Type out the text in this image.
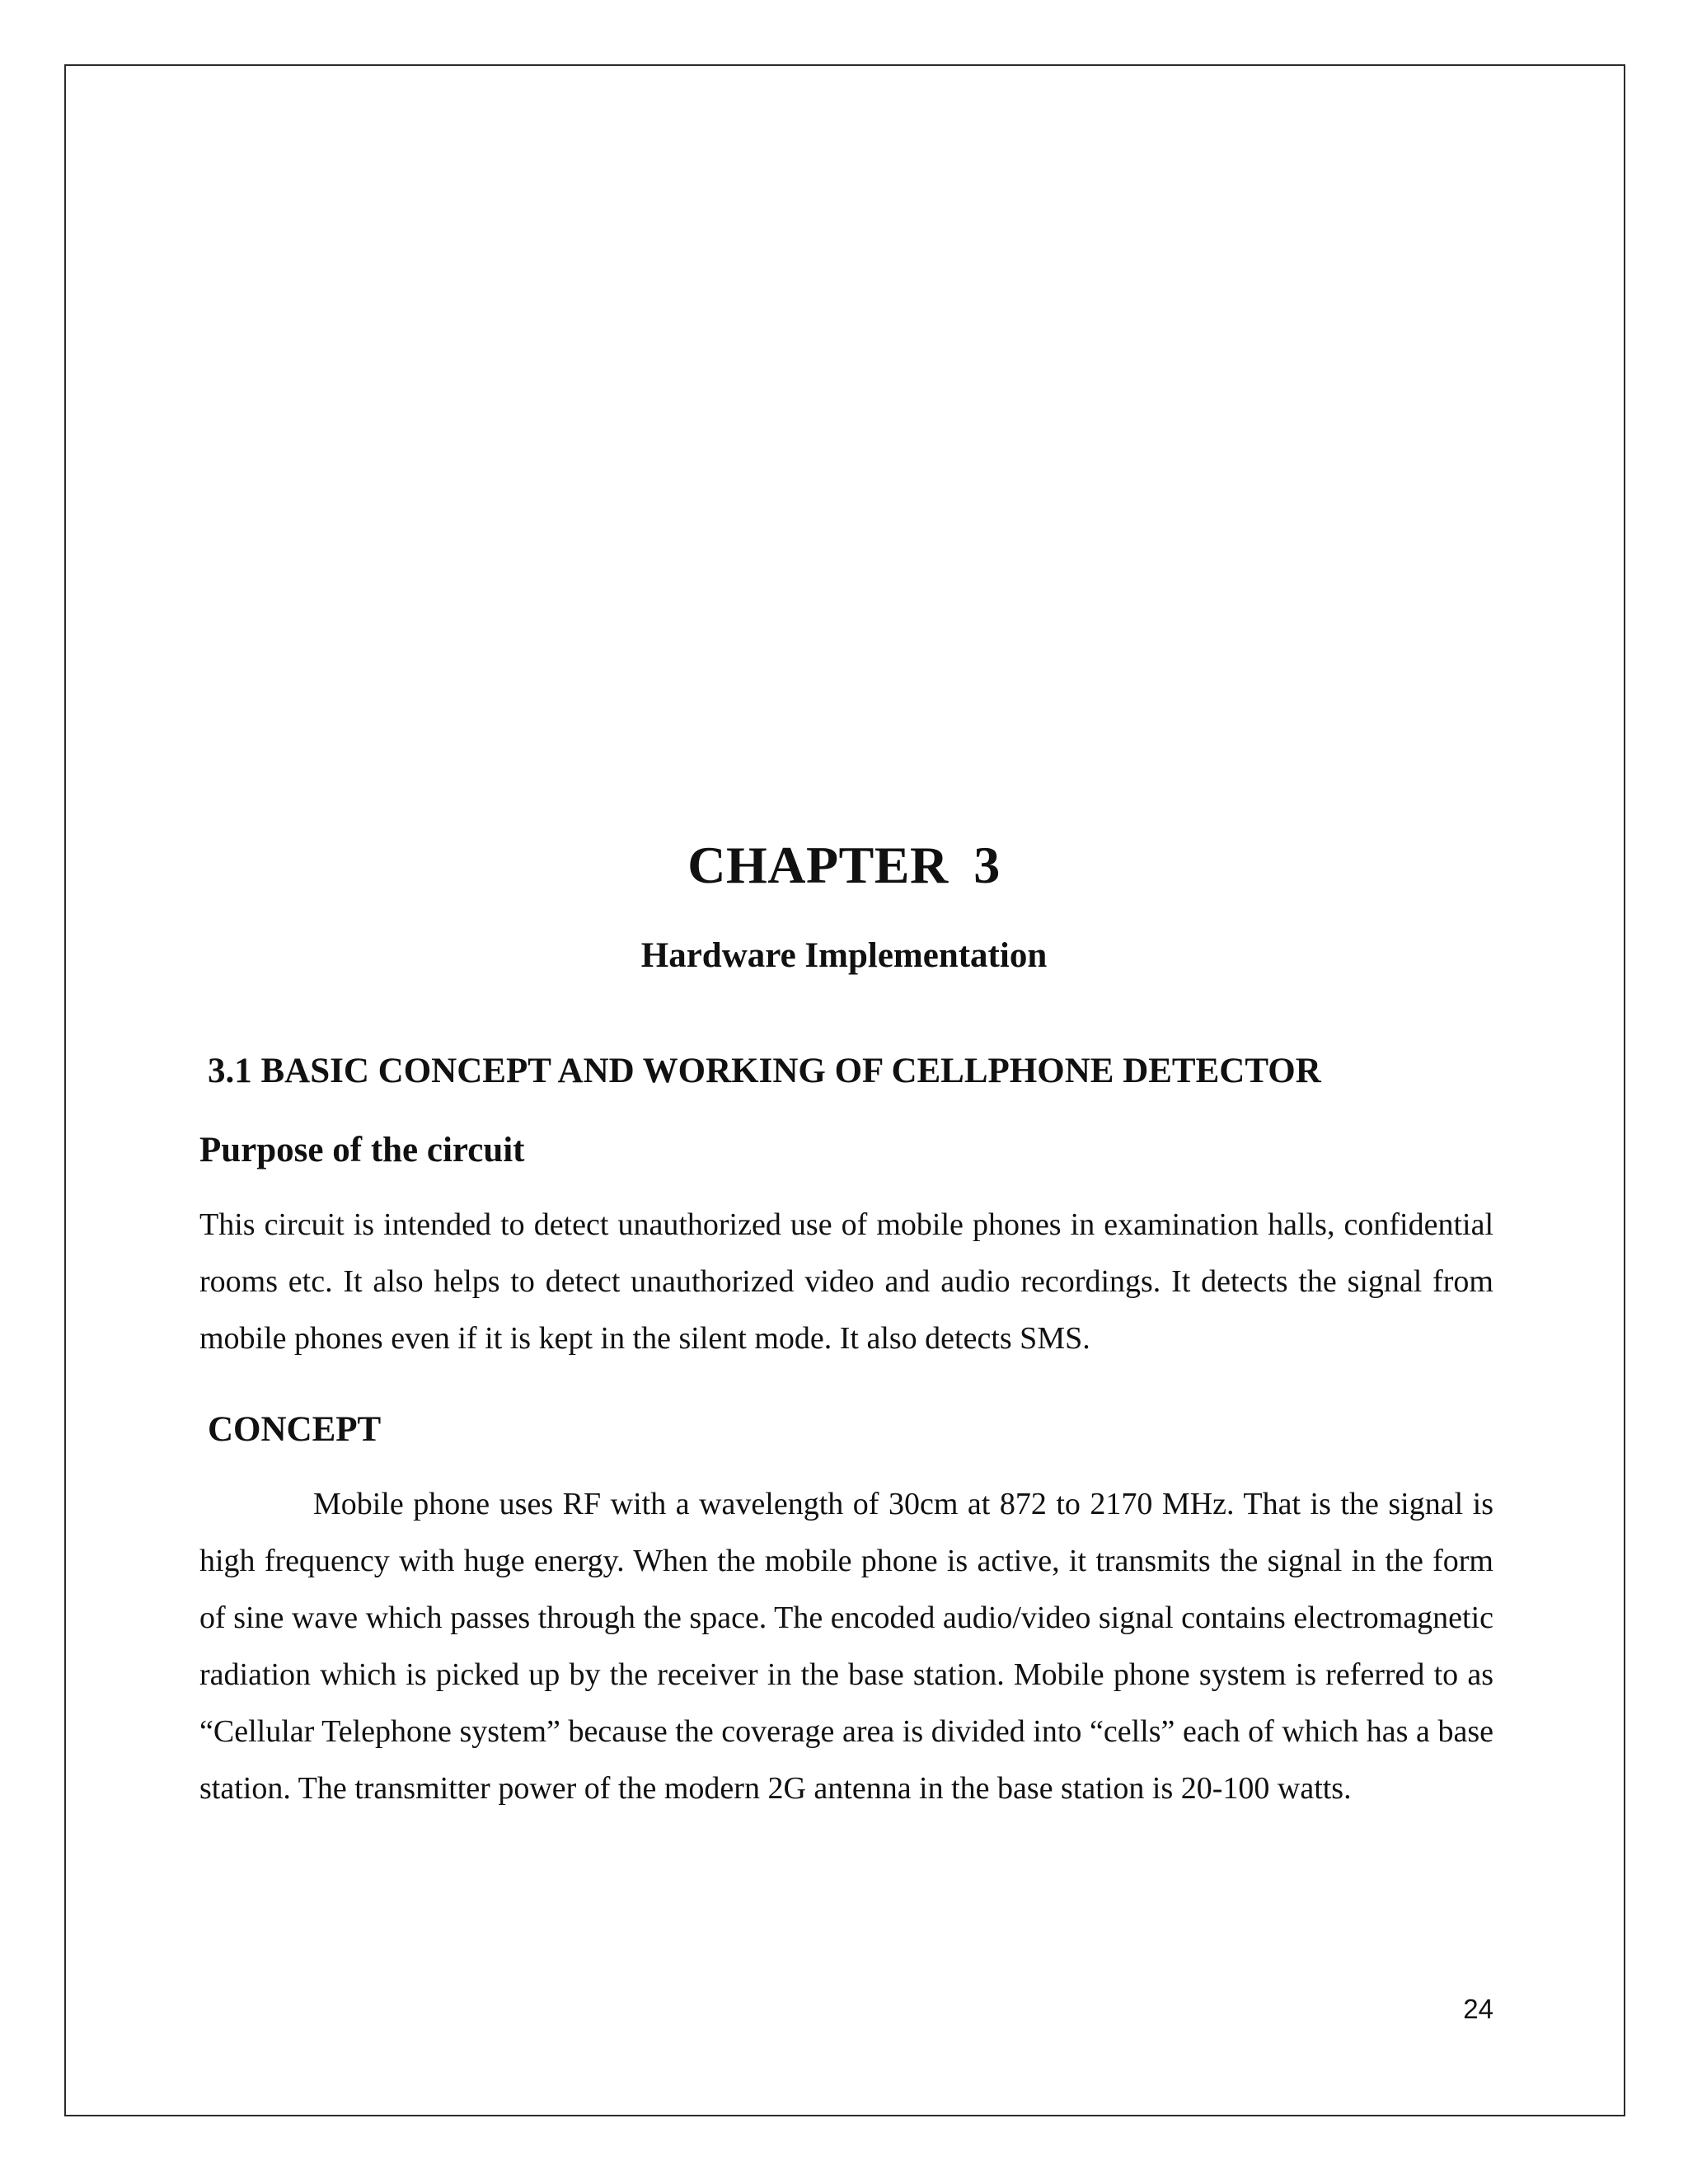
CHAPTER 3
Hardware Implementation
3.1 BASIC CONCEPT AND WORKING OF CELLPHONE DETECTOR
Purpose of the circuit

This circuit is intended to detect unauthorized use of mobile phones in examination halls, confidential rooms etc. It also helps to detect unauthorized video and audio recordings. It detects the signal from mobile phones even if it is kept in the silent mode. It also detects SMS.

CONCEPT

Mobile phone uses RF with a wavelength of 30cm at 872 to 2170 MHz. That is the signal is high frequency with huge energy. When the mobile phone is active, it transmits the signal in the form of sine wave which passes through the space. The encoded audio/video signal contains electromagnetic radiation which is picked up by the receiver in the base station. Mobile phone system is referred to as “Cellular Telephone system” because the coverage area is divided into “cells” each of which has a base station. The transmitter power of the modern 2G antenna in the base station is 20-100 watts.

24
